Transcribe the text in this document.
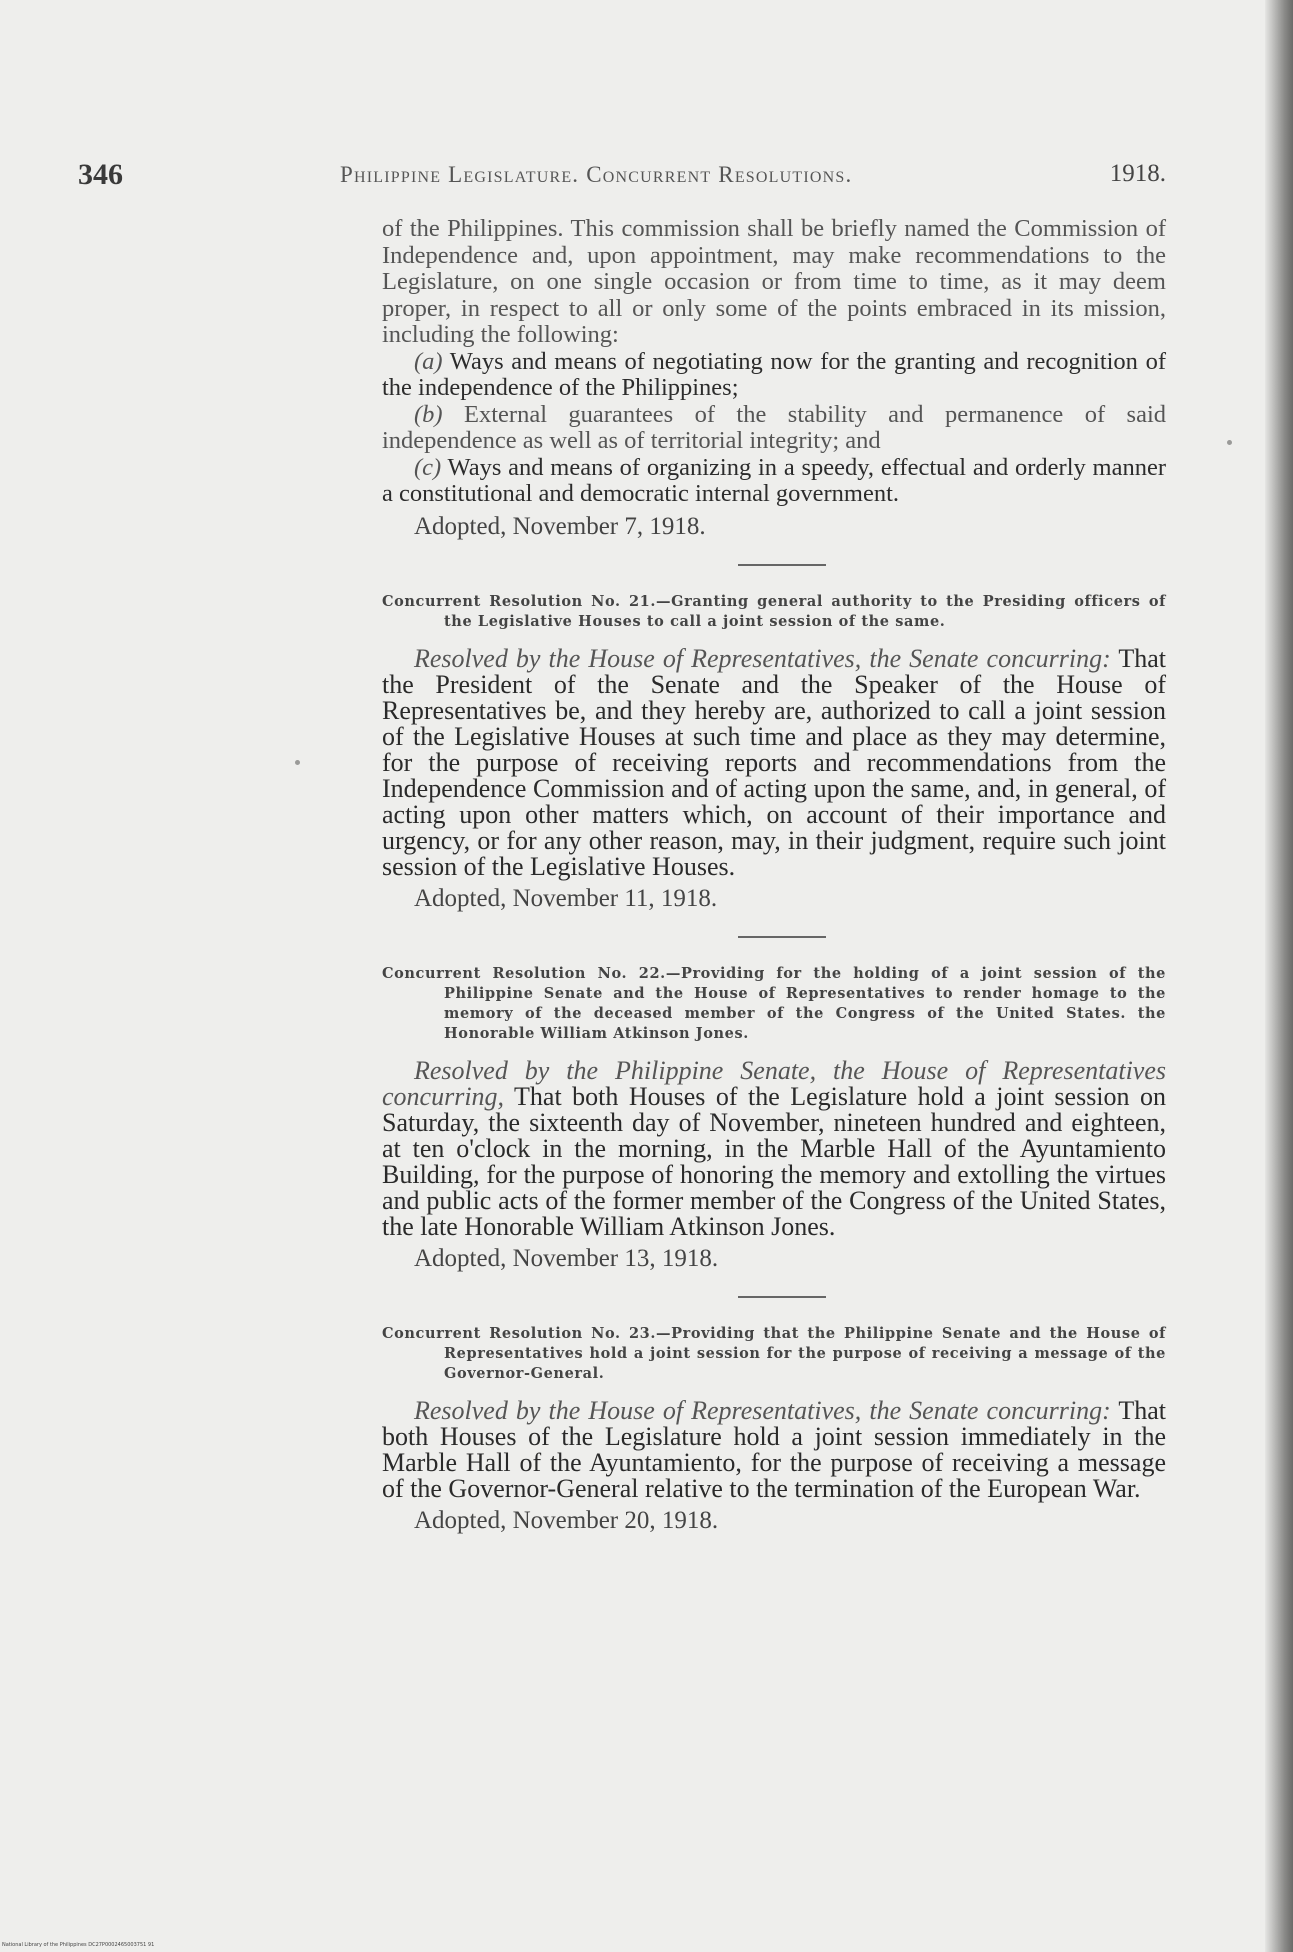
346	Philippine Legislature. Concurrent Resolutions.	1918.

of the Philippines. This commission shall be briefly named the Commission of Independence and, upon appointment, may make recommendations to the Legislature, on one single occasion or from time to time, as it may deem proper, in respect to all or only some of the points embraced in its mission, including the following:

(a) Ways and means of negotiating now for the granting and recognition of the independence of the Philippines;

(b) External guarantees of the stability and permanence of said independence as well as of territorial integrity; and

(c) Ways and means of organizing in a speedy, effectual and orderly manner a constitutional and democratic internal government.

Adopted, November 7, 1918.

Concurrent Resolution No. 21.—Granting general authority to the Presiding officers of the Legislative Houses to call a joint session of the same.

Resolved by the House of Representatives, the Senate concurring: That the President of the Senate and the Speaker of the House of Representatives be, and they hereby are, authorized to call a joint session of the Legislative Houses at such time and place as they may determine, for the purpose of receiving reports and recommendations from the Independence Commission and of acting upon the same, and, in general, of acting upon other matters which, on account of their importance and urgency, or for any other reason, may, in their judgment, require such joint session of the Legislative Houses.

Adopted, November 11, 1918.

Concurrent Resolution No. 22.—Providing for the holding of a joint session of the Philippine Senate and the House of Representatives to render homage to the memory of the deceased member of the Congress of the United States. the Honorable William Atkinson Jones.

Resolved by the Philippine Senate, the House of Representatives concurring, That both Houses of the Legislature hold a joint session on Saturday, the sixteenth day of November, nineteen hundred and eighteen, at ten o'clock in the morning, in the Marble Hall of the Ayuntamiento Building, for the purpose of honoring the memory and extolling the virtues and public acts of the former member of the Congress of the United States, the late Honorable William Atkinson Jones.

Adopted, November 13, 1918.

Concurrent Resolution No. 23.—Providing that the Philippine Senate and the House of Representatives hold a joint session for the purpose of receiving a message of the Governor-General.

Resolved by the House of Representatives, the Senate concurring: That both Houses of the Legislature hold a joint session immediately in the Marble Hall of the Ayuntamiento, for the purpose of receiving a message of the Governor-General relative to the termination of the European War.

Adopted, November 20, 1918.

National Library of the Philippines DC27P0002465003751 91
